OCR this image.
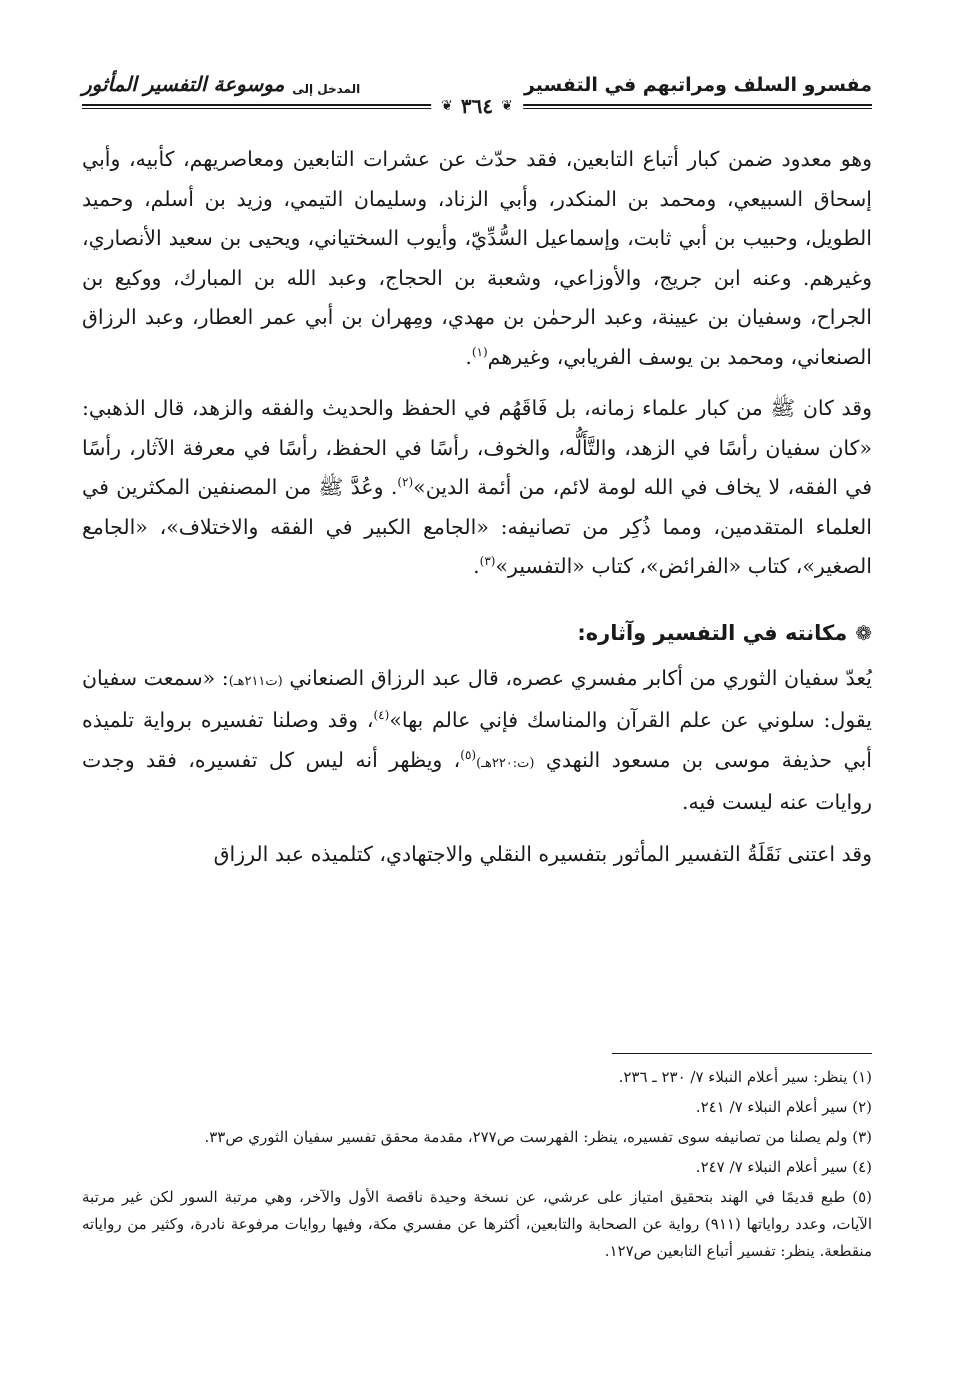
مفسرو السلف ومراتبهم في التفسير
المدخل إلى
موسوعة التفسير المأثور
❦
٣٦٤
❦

وهو معدود ضمن كبار أتباع التابعين، فقد حدّث عن عشرات التابعين ومعاصريهم، كأبيه، وأبي إسحاق السبيعي، ومحمد بن المنكدر، وأبي الزناد، وسليمان التيمي، وزيد بن أسلم، وحميد الطويل، وحبيب بن أبي ثابت، وإسماعيل السُّدِّيّ، وأيوب السختياني، ويحيى بن سعيد الأنصاري، وغيرهم. وعنه ابن جريج، والأوزاعي، وشعبة بن الحجاج، وعبد الله بن المبارك، ووكيع بن الجراح، وسفيان بن عيينة، وعبد الرحمٰن بن مهدي، ومِهران بن أبي عمر العطار، وعبد الرزاق الصنعاني، ومحمد بن يوسف الفريابي، وغيرهم$^{(١)}$.

وقد كان ﷺ من كبار علماء زمانه، بل فَاقَهُم في الحفظ والحديث والفقه والزهد، قال الذهبي: «كان سفيان رأسًا في الزهد، والتَّأَلُّه، والخوف، رأسًا في الحفظ، رأسًا في معرفة الآثار، رأسًا في الفقه، لا يخاف في الله لومة لائم، من أئمة الدين»$^{(٢)}$. وعُدَّ ﷺ من المصنفين المكثرين في العلماء المتقدمين، ومما ذُكِر من تصانيفه: «الجامع الكبير في الفقه والاختلاف»، «الجامع الصغير»، كتاب «الفرائض»، كتاب «التفسير»$^{(٣)}$.

❁
مكانته في التفسير وآثاره:

يُعدّ سفيان الثوري من أكابر مفسري عصره، قال عبد الرزاق الصنعاني (ت٢١١هـ): «سمعت سفيان يقول: سلوني عن علم القرآن والمناسك فإني عالم بها»$^{(٤)}$، وقد وصلنا تفسيره برواية تلميذه أبي حذيفة موسى بن مسعود النهدي (ت:٢٢٠هـ)$^{(٥)}$، ويظهر أنه ليس كل تفسيره، فقد وجدت روايات عنه ليست فيه.

وقد اعتنى نَقَلَةُ التفسير المأثور بتفسيره النقلي والاجتهادي، كتلميذه عبد الرزاق

(١) ينظر: سير أعلام النبلاء ٧/ ٢٣٠ ـ ٢٣٦.

(٢) سير أعلام النبلاء ٧/ ٢٤١.

(٣) ولم يصلنا من تصانيفه سوى تفسيره، ينظر: الفهرست ص٢٧٧، مقدمة محقق تفسير سفيان الثوري ص٣٣.

(٤) سير أعلام النبلاء ٧/ ٢٤٧.

(٥) طبع قديمًا في الهند بتحقيق امتياز على عرشي، عن نسخة وحيدة ناقصة الأول والآخر، وهي مرتبة السور لكن غير مرتبة الآيات، وعدد رواياتها (٩١١) رواية عن الصحابة والتابعين، أكثرها عن مفسري مكة، وفيها روايات مرفوعة نادرة، وكثير من رواياته منقطعة. ينظر: تفسير أتباع التابعين ص١٢٧.
